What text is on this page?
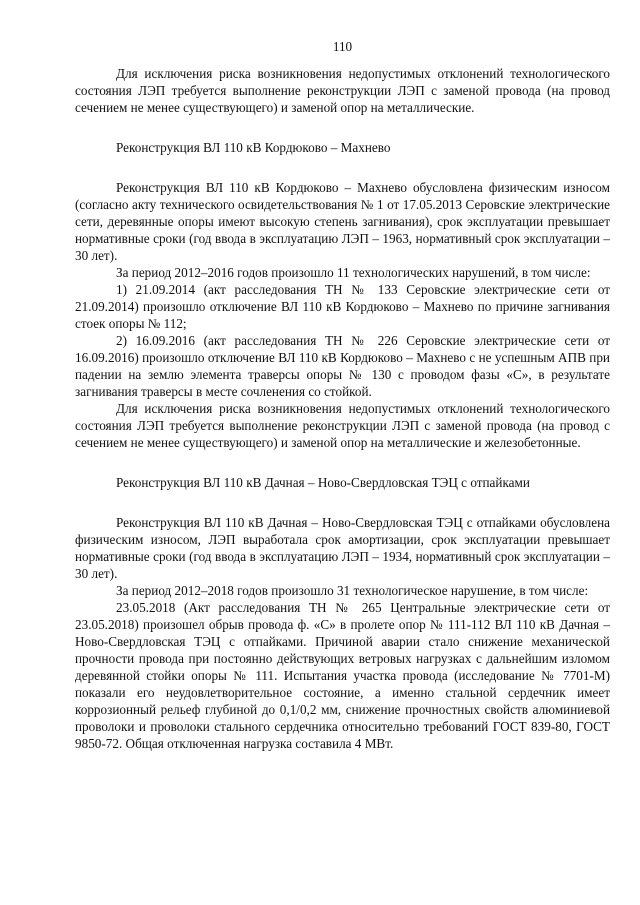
110

Для исключения риска возникновения недопустимых отклонений технологического состояния ЛЭП требуется выполнение реконструкции ЛЭП с заменой провода (на провод сечением не менее существующего) и заменой опор на металлические.

Реконструкция ВЛ 110 кВ Кордюково – Махнево

Реконструкция ВЛ 110 кВ Кордюково – Махнево обусловлена физическим износом (согласно акту технического освидетельствования № 1 от 17.05.2013 Серовские электрические сети, деревянные опоры имеют высокую степень загнивания), срок эксплуатации превышает нормативные сроки (год ввода в эксплуатацию ЛЭП – 1963, нормативный срок эксплуатации – 30 лет).

За период 2012–2016 годов произошло 11 технологических нарушений, в том числе:

1) 21.09.2014 (акт расследования ТН № 133 Серовские электрические сети от 21.09.2014) произошло отключение ВЛ 110 кВ Кордюково – Махнево по причине загнивания стоек опоры № 112;

2) 16.09.2016 (акт расследования ТН № 226 Серовские электрические сети от 16.09.2016) произошло отключение ВЛ 110 кВ Кордюково – Махнево с не успешным АПВ при падении на землю элемента траверсы опоры № 130 с проводом фазы «С», в результате загнивания траверсы в месте сочленения со стойкой.

Для исключения риска возникновения недопустимых отклонений технологического состояния ЛЭП требуется выполнение реконструкции ЛЭП с заменой провода (на провод с сечением не менее существующего) и заменой опор на металлические и железобетонные.

Реконструкция ВЛ 110 кВ Дачная – Ново-Свердловская ТЭЦ с отпайками

Реконструкция ВЛ 110 кВ Дачная – Ново-Свердловская ТЭЦ с отпайками обусловлена физическим износом, ЛЭП выработала срок амортизации, срок эксплуатации превышает нормативные сроки (год ввода в эксплуатацию ЛЭП – 1934, нормативный срок эксплуатации – 30 лет).

За период 2012–2018 годов произошло 31 технологическое нарушение, в том числе:

23.05.2018 (Акт расследования ТН № 265 Центральные электрические сети от 23.05.2018) произошел обрыв провода ф. «С» в пролете опор № 111-112 ВЛ 110 кВ Дачная – Ново-Свердловская ТЭЦ с отпайками. Причиной аварии стало снижение механической прочности провода при постоянно действующих ветровых нагрузках с дальнейшим изломом деревянной стойки опоры № 111. Испытания участка провода (исследование № 7701-М) показали его неудовлетворительное состояние, а именно стальной сердечник имеет коррозионный рельеф глубиной до 0,1/0,2 мм, снижение прочностных свойств алюминиевой проволоки и проволоки стального сердечника относительно требований ГОСТ 839-80, ГОСТ 9850-72. Общая отключенная нагрузка составила 4 МВт.
